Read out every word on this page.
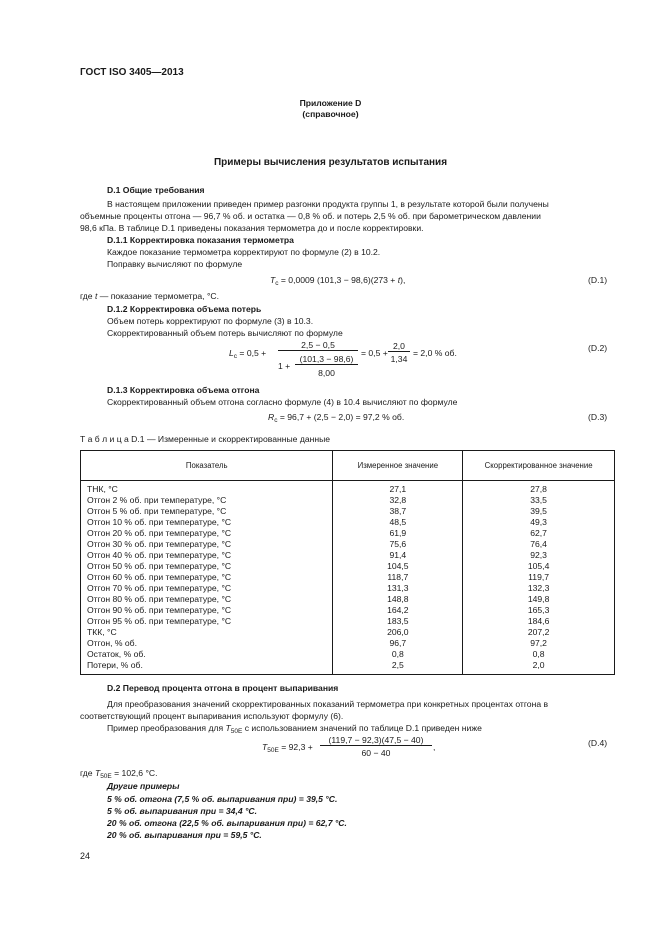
ГОСТ ISO 3405—2013
Приложение D
(справочное)
Примеры вычисления результатов испытания
D.1 Общие требования
В настоящем приложении приведен пример разгонки продукта группы 1, в результате которой были получены
объемные проценты отгона — 96,7 % об. и остатка — 0,8 % об. и потерь 2,5 % об. при барометрическом давлении
98,6 кПа. В таблице D.1 приведены показания термометра до и после корректировки.
D.1.1 Корректировка показания термометра
Каждое показание термометра корректируют по формуле (2) в 10.2.
Поправку вычисляют по формуле
$T_c = 0,0009$ (101,3 − 98,6)(273 + t),	(D.1)
где t — показание термометра, °С.
D.1.2 Корректировка объема потерь
Объем потерь корректируют по формуле (3) в 10.3.
Скорректированный объем потерь вычисляют по формуле
$L_c = 0,5$ +
2,5 − 0,5
1 +
(101,3 − 98,6)
8,00
= 0,5 +
2,0
1,34
= 2,0 % об.	(D.2)
D.1.3 Корректировка объема отгона
Скорректированный объем отгона согласно формуле (4) в 10.4 вычисляют по формуле
$R_c = 96,7 + (2,5 - 2,0) = 97,2$ % об.	(D.3)
Т а б л и ц а D.1 — Измеренные и скорректированные данные
Показатель	Измеренное значение	Скорректированное значение
ТНК, °С	27,1	27,8
Отгон 2 % об. при температуре, °С	32,8	33,5
Отгон 5 % об. при температуре, °С	38,7	39,5
Отгон 10 % об. при температуре, °С	48,5	49,3
Отгон 20 % об. при температуре, °С	61,9	62,7
Отгон 30 % об. при температуре, °С	75,6	76,4
Отгон 40 % об. при температуре, °С	91,4	92,3
Отгон 50 % об. при температуре, °С	104,5	105,4
Отгон 60 % об. при температуре, °С	118,7	119,7
Отгон 70 % об. при температуре, °С	131,3	132,3
Отгон 80 % об. при температуре, °С	148,8	149,8
Отгон 90 % об. при температуре, °С	164,2	165,3
Отгон 95 % об. при температуре, °С	183,5	184,6
ТКК, °С	206,0	207,2
Отгон, % об.	96,7	97,2
Остаток, % об.	0,8	0,8
Потери, % об.	2,5	2,0
D.2 Перевод процента отгона в процент выпаривания
Для преобразования значений скорректированных показаний термометра при конкретных процентах отгона в
соответствующий процент выпаривания используют формулу (6).
Пример преобразования для $T_{50E}$ с использованием значений по таблице D.1 приведен ниже
$T_{50E} = 92,3$ +
(119,7 − 92,3)(47,5 − 40)
60 − 40
,	(D.4)
где $T_{50E} = 102,6$ °С.
Другие примеры
5 % об. отгона (7,5 % об. выпаривания при) = 39,5 °С.
5 % об. выпаривания при = 34,4 °С.
20 % об. отгона (22,5 % об. выпаривания при) = 62,7 °С.
20 % об. выпаривания при = 59,5 °С.
24
